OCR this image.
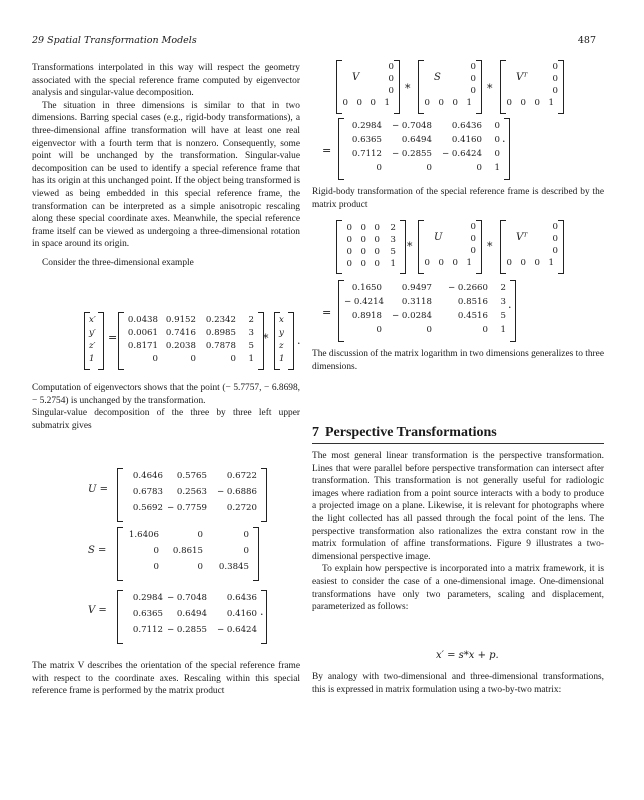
29 Spatial Transformation Models	487

Transformations interpolated in this way will respect the geometry associated with the special reference frame computed by eigenvector analysis and singular-value decomposition.

The situation in three dimensions is similar to that in two dimensions. Barring special cases (e.g., rigid-body transformations), a three-dimensional affine transformation will have at least one real eigenvector with a fourth term that is nonzero. Consequently, some point will be unchanged by the transformation. Singular-value decomposition can be used to identify a special reference frame that has its origin at this unchanged point. If the object being transformed is viewed as being embedded in this special reference frame, the transformation can be interpreted as a simple anisotropic rescaling along these special coordinate axes. Meanwhile, the special reference frame itself can be viewed as undergoing a three-dimensional rotation in space around its origin.

Consider the three-dimensional example

x′
y′
z′
1
=
0.0438 0.9152	0.2342	2
0.0061 0.7416	0.8985	3
0.8171 0.2038	0.7878	5
0	0	0	1
*
x
y
z
1
.

Computation of eigenvectors shows that the point (− 5.7757, − 6.8698, − 5.2754) is unchanged by the transformation.

Singular-value decomposition of the three by three left upper submatrix gives

U =
0.4646	0.5765	0.6722
0.6783	0.2563	− 0.6886
0.5692 − 0.7759	0.2720
S =
1.6406	0	0
0	0.8615	0
0	0	0.3845
V =
0.2984 − 0.7048	0.6436
0.6365	0.6494	0.4160
0.7112 − 0.2855	− 0.6424
.

The matrix V describes the orientation of the special reference frame with respect to the coordinate axes. Rescaling within this special reference frame is performed by the matrix product

V
0
0
0
0 0 0 1
*
S
0
0
0
0 0 0 1
*
Vᵀ
0
0
0
0 0 0 1
=
0.2984	− 0.7048	0.6436	0
0.6365	0.6494	0.4160	0
0.7112	− 0.2855	− 0.6424	0
0	0	0	1
.

Rigid-body transformation of the special reference frame is described by the matrix product

0 0 0	2
0 0 0	3
0 0 0	5
0 0 0	1
*
U
0
0
0
0 0 0 1
*
Vᵀ
0
0
0
0 0 0 1
=
0.1650	0.9497	− 0.2660	2
− 0.4214	0.3118	0.8516	3
0.8918	− 0.0284	0.4516	5
0	0	0	1
.

The discussion of the matrix logarithm in two dimensions generalizes to three dimensions.

7 Perspective Transformations

The most general linear transformation is the perspective transformation. Lines that were parallel before perspective transformation can intersect after transformation. This transformation is not generally useful for radiologic images where radiation from a point source interacts with a body to produce a projected image on a plane. Likewise, it is relevant for photographs where the light collected has all passed through the focal point of the lens. The perspective transformation also rationalizes the extra constant row in the matrix formulation of affine transformations. Figure 9 illustrates a two-dimensional perspective image.

To explain how perspective is incorporated into a matrix framework, it is easiest to consider the case of a one-dimensional image. One-dimensional transformations have only two parameters, scaling and displacement, parameterized as follows:

x′ = s*x + p.

By analogy with two-dimensional and three-dimensional transformations, this is expressed in matrix formulation using a two-by-two matrix:
